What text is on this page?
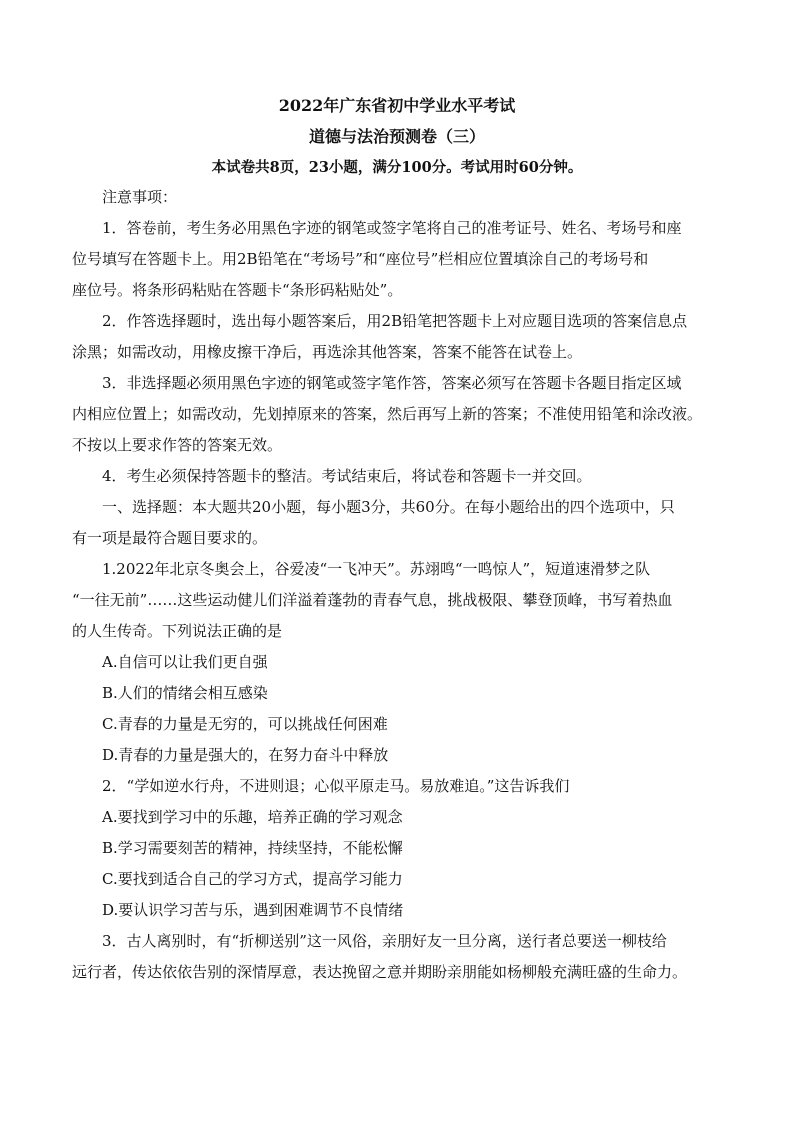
2022年广东省初中学业水平考试
道德与法治预测卷（三）
本试卷共8页，23小题，满分100分。考试用时60分钟。

注意事项：

1．答卷前，考生务必用黑色字迹的钢笔或签字笔将自己的准考证号、姓名、考场号和座

位号填写在答题卡上。用2B铅笔在“考场号”和“座位号”栏相应位置填涂自己的考场号和

座位号。将条形码粘贴在答题卡“条形码粘贴处”。

2．作答选择题时，选出每小题答案后，用2B铅笔把答题卡上对应题目选项的答案信息点

涂黑；如需改动，用橡皮擦干净后，再选涂其他答案，答案不能答在试卷上。

3．非选择题必须用黑色字迹的钢笔或签字笔作答，答案必须写在答题卡各题目指定区域

内相应位置上；如需改动，先划掉原来的答案，然后再写上新的答案；不准使用铅笔和涂改液。

不按以上要求作答的答案无效。

4．考生必须保持答题卡的整洁。考试结束后，将试卷和答题卡一并交回。

一、选择题：本大题共20小题，每小题3分，共60分。在每小题给出的四个选项中，只

有一项是最符合题目要求的。

1.2022年北京冬奥会上，谷爱凌“一飞冲天”。苏翊鸣“一鸣惊人”，短道速滑梦之队

“一往无前”……这些运动健儿们洋溢着蓬勃的青春气息，挑战极限、攀登顶峰，书写着热血

的人生传奇。下列说法正确的是

A.自信可以让我们更自强

B.人们的情绪会相互感染

C.青春的力量是无穷的，可以挑战任何困难

D.青春的力量是强大的，在努力奋斗中释放

2．“学如逆水行舟，不进则退；心似平原走马。易放难追。”这告诉我们

A.要找到学习中的乐趣，培养正确的学习观念

B.学习需要刻苦的精神，持续坚持，不能松懈

C.要找到适合自己的学习方式，提高学习能力

D.要认识学习苦与乐，遇到困难调节不良情绪

3．古人离别时，有“折柳送别”这一风俗，亲朋好友一旦分离，送行者总要送一柳枝给

远行者，传达依依告别的深情厚意，表达挽留之意并期盼亲朋能如杨柳般充满旺盛的生命力。
